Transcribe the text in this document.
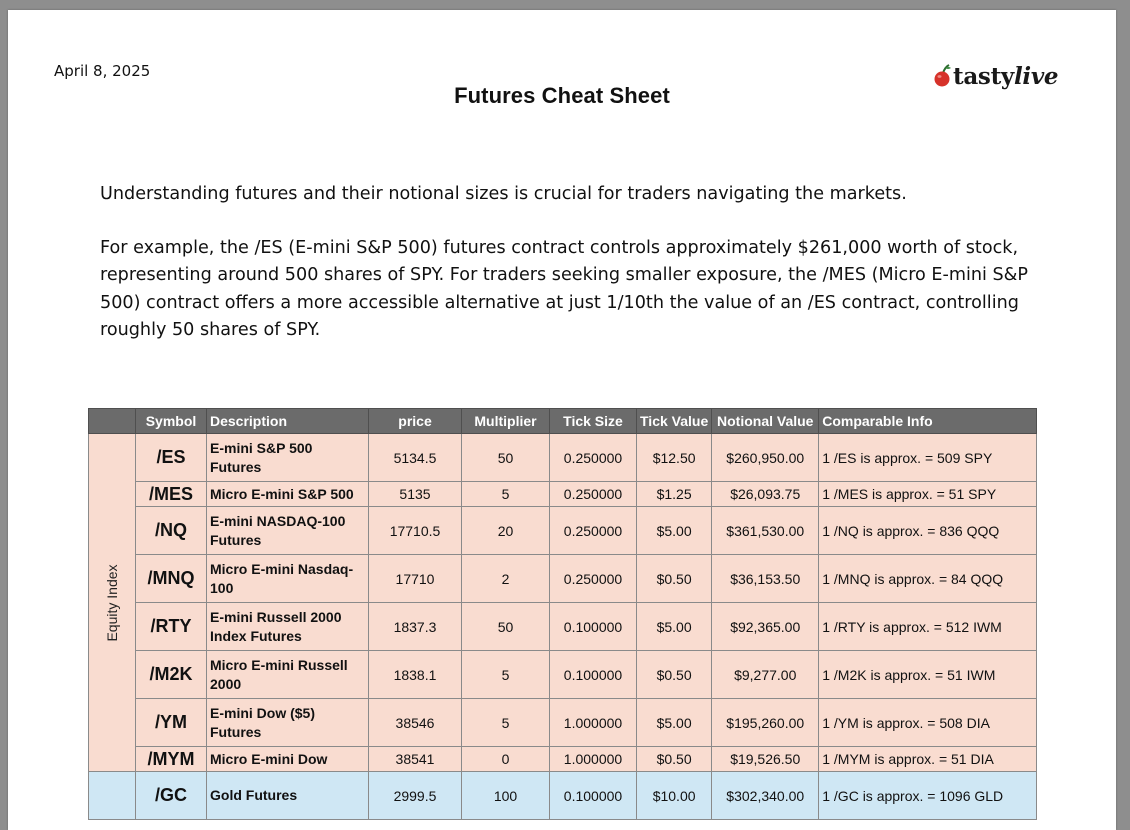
April 8, 2025
Futures Cheat Sheet
tastylive
Understanding futures and their notional sizes is crucial for traders navigating the markets.
For example, the /ES (E-mini S&P 500) futures contract controls approximately $261,000 worth of stock, representing around 500 shares of SPY. For traders seeking smaller exposure, the /MES (Micro E-mini S&P 500) contract offers a more accessible alternative at just 1/10th the value of an /ES contract, controlling roughly 50 shares of SPY.
	Symbol	Description	price	Multiplier	Tick Size	Tick Value	Notional Value	Comparable Info

Equity Index	/ES	E-mini S&P 500 Futures	5134.5	50	0.250000	$12.50	$260,950.00	1 /ES is approx. = 509 SPY
	/MES	Micro E-mini S&P 500	5135	5	0.250000	$1.25	$26,093.75	1 /MES is approx. = 51 SPY
	/NQ	E-mini NASDAQ-100 Futures	17710.5	20	0.250000	$5.00	$361,530.00	1 /NQ is approx. = 836 QQQ
	/MNQ	Micro E-mini Nasdaq-100	17710	2	0.250000	$0.50	$36,153.50	1 /MNQ is approx. = 84 QQQ
	/RTY	E-mini Russell 2000 Index Futures	1837.3	50	0.100000	$5.00	$92,365.00	1 /RTY is approx. = 512 IWM
	/M2K	Micro E-mini Russell 2000	1838.1	5	0.100000	$0.50	$9,277.00	1 /M2K is approx. = 51 IWM
	/YM	E-mini Dow ($5) Futures	38546	5	1.000000	$5.00	$195,260.00	1 /YM is approx. = 508 DIA
	/MYM	Micro E-mini Dow	38541	0	1.000000	$0.50	$19,526.50	1 /MYM is approx. = 51 DIA
	/GC	Gold Futures	2999.5	100	0.100000	$10.00	$302,340.00	1 /GC is approx. = 1096 GLD
